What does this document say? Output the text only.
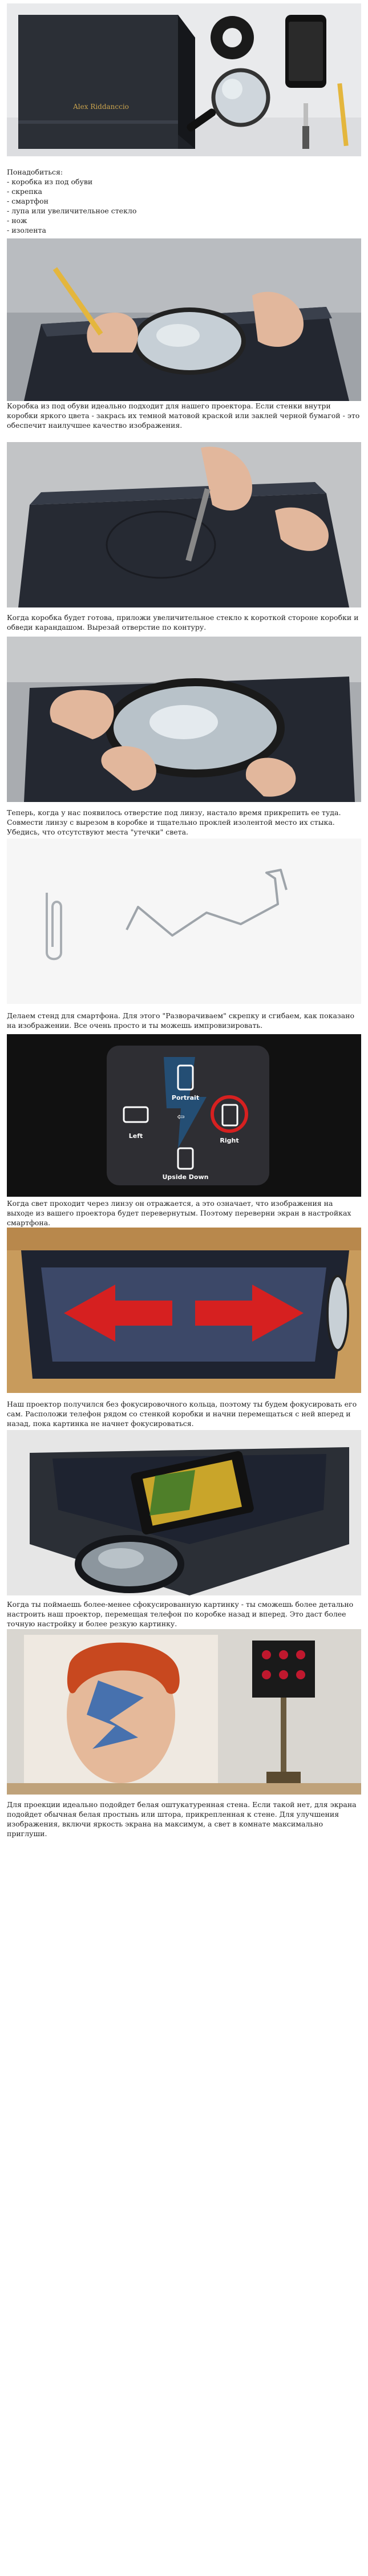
Alex Riddanccio
Понадобиться:
- коробка из под обуви
- скрепка
- смартфон
- лупа или увеличительное стекло
- нож
- изолента
Коробка из под обуви идеально подходит для нашего проектора. Если стенки внутри коробки яркого цвета - закрась их темной матовой краской или заклей черной бумагой - это обеспечит наилучшее качество изображения.
Когда коробка будет готова, приложи увеличительное стекло к короткой стороне коробки и обведи карандашом. Вырезай отверстие по контуру.
Теперь, когда у нас появилось отверстие под линзу, настало время прикрепить ее туда. Совмести линзу с вырезом в коробке и тщательно проклей изолентой место их стыка. Убедись, что отсутствуют места "утечки" света.
Делаем стенд для смартфона. Для этого "Разворачиваем" скрепку и сгибаем, как показано на изображении. Все очень просто и ты можешь импровизировать.
Portrait
Left
⇦
Right
Upside Down
Когда свет проходит через линзу он отражается, а это означает, что изображения на выходе из вашего проектора будет перевернутым. Поэтому переверни экран в настройках смартфона.
Наш проектор получился без фокусировочного кольца, поэтому ты будем фокусировать его сам. Расположи телефон рядом со стенкой коробки и начни перемещаться с ней вперед и назад, пока картинка не начнет фокусироваться.
Когда ты поймаешь более-менее сфокусированную картинку - ты сможешь более детально настроить наш проектор, перемещая телефон по коробке назад и вперед. Это даст более точную настройку и более резкую картинку.
Для проекции идеально подойдет белая оштукатуренная стена. Если такой нет, для экрана подойдет обычная белая простынь или штора, прикрепленная к стене. Для улучшения изображения, включи яркость экрана на максимум, а свет в комнате максимально приглуши.
